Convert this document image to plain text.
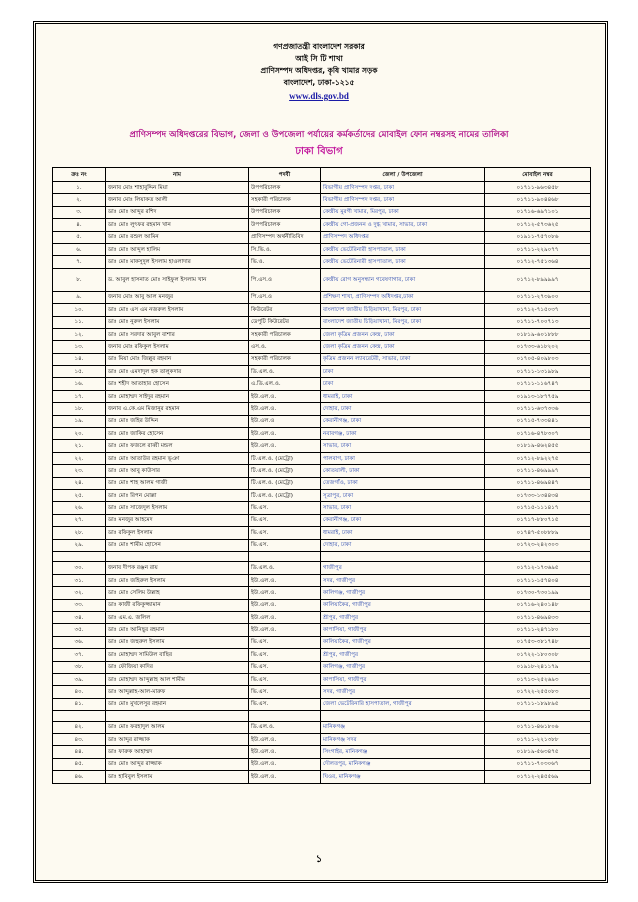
গণপ্রজাতন্ত্রী বাংলাদেশ সরকার
আই সি টি শাখা
প্রাণিসম্পদ অধিদপ্তর, কৃষি খামার সড়ক
বাংলাদেশ, ঢাকা-১২১৫
www.dls.gov.bd
প্রাণিসম্পদ অধিদপ্তরের বিভাগ, জেলা ও উপজেলা পর্যায়ের কর্মকর্তাদের মোবাইল ফোন নম্বরসহ নামের তালিকা
ঢাকা বিভাগ
ক্রঃ নং	নাম	পদবী	জেলা / উপজেলা	মোবাইল নম্বর
১.	জনাব মোঃ শাহাবুদ্দিন মিয়া	উপপরিচালক	বিভাগীয় প্রাণিসম্পদ দপ্তর, ঢাকা	০১৭১১-৯৬৩৪৫৮
২.	জনাব মোঃ লিয়াকত আলী	সহকারী পরিচালক	বিভাগীয় প্রাণিসম্পদ দপ্তর, ঢাকা	০১৭১১-৯০৪৪৬৮
৩.	ডাঃ মোঃ আব্দুর রশিদ	উপপরিচালক	কেন্দ্রীয় মুরগী খামার, মিরপুর, ঢাকা	০১৭১৬-৬৯৭১০১
৪.	ডাঃ মোঃ লুৎফর রহমান খান	উপপরিচালক	কেন্দ্রীয় গো-প্রজনন ও দুগ্ধ খামার, সাভার, ঢাকা	০১৭১২-৫৭৩৬২৫
৫.	ডাঃ মোঃ রশুল আমিন	প্রাণিসম্পদ অর্থনীতিবিদ	প্রাণিসম্পদ অধিদপ্তর	০১৯১১-৭৫৭০৮৬
৬.	ডাঃ মোঃ আব্দুল হালিম	সি.ভি.ও.	কেন্দ্রীয় ভেটেরিনারী হাসপাতাল, ঢাকা	০১৭১১-২২৯০৭৭
৭.	ডাঃ মোঃ মাকসুদুল ইসলাম হাওলাদার	ভি.ও.	কেন্দ্রীয় ভেটেরিনারী হাসপাতাল, ঢাকা	০১৭১২-৭৫১৩৬৪
৮.	ড. আবুল হাসনাত মোঃ সাইফুল ইসলাম খান	পি.এস.ও	কেন্দ্রীয় রোগ অনুসন্ধান গবেষণাগার, ঢাকা	০১৭১২-৮৯৯৯৯৭
৯.	জনাব মোঃ আবু আল মনজুর	পি.এস.ও	প্রশিক্ষণ শাখা, প্রাণিসম্পদ অধিদপ্তর,ঢাকা	০১৭১১-২৭৩৯০০
১০.	ডাঃ মোঃ এস এম নজরুল ইসলাম	কিউরেটর	বাংলাদেশ জাতীয় চিড়িয়াখানা, মিরপুর, ঢাকা	০১৭১২-৭১৫০৩৭
১১.	ডাঃ মোঃ নুরুল ইসলাম	ডেপুটি কিউরেটর	বাংলাদেশ জাতীয় চিড়িয়াখানা, মিরপুর, ঢাকা	০১৭১১-৭০০৭১৩
১২.	ডাঃ মোঃ সরদার আবুল বাশার	সহকারী পরিচালক	জেলা কৃত্রিম প্রজনন কেন্দ্র, ঢাকা	০১৮১৯-৬০১৮৮৮
১৩.	জনাব মোঃ রফিকুল ইসলাম	এস.ও.	জেলা কৃত্রিম প্রজনন কেন্দ্র, ঢাকা	০১৭৩৩-৬১৮২০২
১৪.	ডাঃ মিয়া মোঃ জিল্লুর রহমান	সহকারী পরিচালক	কৃত্রিম প্রজনন ল্যাবরেটরী, সাভার, ঢাকা	০১৭০৫-৪০৯৮০৩
১৫.	ডাঃ মোঃ এমদাদুল হক তালুকদার	ডি.এল.ও.	ঢাকা	০১৭১১-১৩১৯৮৯
১৬.	ডাঃ শহীদ আতাহার হোসেন	এ.ডি.এল.ও.	ঢাকা	০১৭১১-১১৬৭৪৭
১৭.	ডাঃ মোহাম্মদ সাইদুর রহমান	ইউ.এল.ও.	ধামরাই, ঢাকা	০১৯১৩-১৮৭৭৫৯
১৮.	জনাব এ.কে.এম মিজানুর রহমান	ইউ.এল.ও.	দোহার, ঢাকা	০১৭১১-৬৩৭৩৩৬
১৯.	ডাঃ মোঃ জহির উদ্দিন	ইউ.এল.ও	কেরানীগঞ্জ, ঢাকা	০১৭১৫-৭৩৩৪৪১
২০.	ডাঃ মোঃ জাকির হোসেন	ইউ.এল.ও.	নবাবগঞ্জ, ঢাকা	০১৭১৬-৪৭৮৩০৭
২১.	ডাঃ মোঃ ফজলে রাব্বী মন্ডল	ইউ.এল.ও.	সাভার, ঢাকা	০১৮১৯-৪৬২৪৫৫
২২.	ডাঃ মোঃ আতাউর রহমান ভূঞা	টি.এল.ও. (মেট্রো)	পালবাগ, ঢাকা	০১৭১২-৮৯২২৭৫
২৩.	ডাঃ মোঃ আবু কাউসার	টি.এল.ও. (মেট্রো)	কোতয়ালী, ঢাকা	০১৭১১-৪৬৯৯৯৭
২৪.	ডাঃ মোঃ শাহ আলম গাজী	টি.এল.ও. (মেট্রো)	তেজগাঁও, ঢাকা	০১৭১১-৪৬৯৪৪৭
২৫.	ডাঃ মোঃ রিপন মোল্লা	টি.এল.ও. (মেট্রো)	সূত্রাপুর, ঢাকা	০১৭৩৩-১৩৪৪৩৪
২৬.	ডাঃ মোঃ সাজেদুল ইসলাম	ভি.এস.	সাভার, ঢাকা	০১৭১৫-১১১৪১৭
২৭.	ডাঃ মনজুর আহমেদ	ভি.এস.	কেরানীগঞ্জ, ঢাকা	০১৭১৭-৮৮০৭১৫
২৮.	ডাঃ রফিকুল ইসলাম	ভি.এস.	ধামরাই, ঢাকা	০১৭৪৭-৫০৮৮৮৯
২৯.	ডাঃ মোঃ শামীম হোসেন	ভি.এস.	দোহার, ঢাকা	০১৭২৩-২৪২৩০৩

৩০.	জনাব দীপক রঞ্জন রায়	ডি.এল.ও.	গাজীপুর	০১৭১২-১৭৩৬৯৫
৩১.	ডাঃ মোঃ জহিরুল ইসলাম	ইউ.এল.ও.	সদর, গাজীপুর	০১৭১১-১৫৭৪০৪
৩২.	ডাঃ মোঃ সেলিম উল্লাহ	ইউ.এল.ও.	কালিগঞ্জ, গাজীপুর	০১৭৩০-৭৩০১৯৯
৩৩.	ডাঃ কাজী রফিকুজ্জামান	ইউ.এল.ও.	কালিয়াকৈর, গাজীপুর	০১৭১৬-২৪০১৪৮
৩৪.	ডাঃ এম.এ. জলিল	ইউ.এল.ও.	শ্রীপুর, গাজীপুর	০১৭১১-৪৬৯৪৩৩
৩৫.	ডাঃ মোঃ আনিছুর রহমান	ইউ.এল.ও.	কাপাসিয়া, গাজীপুর	০১৭১১-২৪৭১৮০
৩৬.	ডাঃ মোঃ জহুরুল ইসলাম	ভি.এস.	কালিয়াকৈর, গাজীপুর	০১৭৫৩-৩৮১৭৪৮
৩৭.	ডাঃ মোহাম্মদ সামিউল বাছির	ভি.এস.	শ্রীপুর, গাজীপুর	০১৭২২-১৮০৩০৮
৩৮.	ডাঃ ফৌজিয়া কাদির	ভি.এস.	কালিগঞ্জ, গাজীপুর	০১৯১৮-২৪১১৭৯
৩৯.	ডাঃ মোহাম্মদ আব্দুল্লাহ আল শামীম	ভি.এস.	কাপাসিয়া, গাজীপুর	০১৭১৩-২৫২৬৯৩
৪০.	ডাঃ আব্দুল্লাহ-আল-মারুফ	ভি.এস.	সদর, গাজীপুর	০১৭২২-২৫৫০৮৩
৪১.	ডাঃ মোঃ মুখলেসুর রহমান	ভি.এস.	জেলা ভেটেরিনারি হাসপাতাল, গাজীপুর	০১৭১১-১৮৯৮৯৫

৪২.	ডাঃ মোঃ ফরহাদুল আলম	ডি.এল.ও.	মানিকগঞ্জ	০১৭১১-৪৬১৮০৬
৪৩.	ডাঃ আব্দুর রাজ্জাক	ইউ.এল.ও.	মানিকগঞ্জ সদর	০১৭১১-২২১৩৮৮
৪৪.	ডাঃ ফারুক আহাম্মদ	ইউ.এল.ও.	সিংগাইর, মানিকগঞ্জ	০১৮১৯-৫৬৩৪৭৫
৪৫.	ডাঃ মোঃ আব্দুর রাজ্জাক	ইউ.এল.ও.	দৌলতপুর, মানিকগঞ্জ	০১৭১১-৭০৩০৬৭
৪৬.	ডাঃ হাবিবুল ইসলাম	ইউ.এল.ও.	ঘিওর, মানিকগঞ্জ	০১৭১২-২৪৫৫৬৯
১
